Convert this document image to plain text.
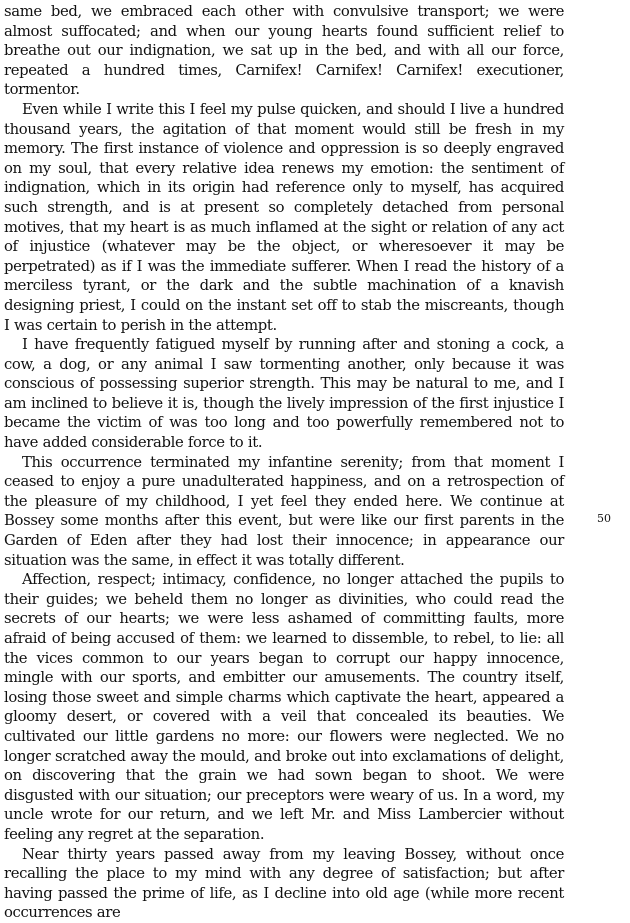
same bed, we embraced each other with convulsive transport; we were almost suffocated; and when our young hearts found sufficient relief to breathe out our indignation, we sat up in the bed, and with all our force, repeated a hundred times, Carnifex! Carnifex! Carnifex! executioner, tormentor.

Even while I write this I feel my pulse quicken, and should I live a hundred thousand years, the agitation of that moment would still be fresh in my memory. The first instance of violence and oppression is so deeply engraved on my soul, that every relative idea renews my emotion: the sentiment of indignation, which in its origin had reference only to myself, has acquired such strength, and is at present so completely detached from personal motives, that my heart is as much inflamed at the sight or relation of any act of injustice (whatever may be the object, or wheresoever it may be perpetrated) as if I was the immediate sufferer. When I read the history of a merciless tyrant, or the dark and the subtle machination of a knavish designing priest, I could on the instant set off to stab the miscreants, though I was certain to perish in the attempt.

I have frequently fatigued myself by running after and stoning a cock, a cow, a dog, or any animal I saw tormenting another, only because it was conscious of possessing superior strength. This may be natural to me, and I am inclined to believe it is, though the lively impression of the first injustice I became the victim of was too long and too powerfully remembered not to have added considerable force to it.

This occurrence terminated my infantine serenity; from that moment I ceased to enjoy a pure unadulterated happiness, and on a retrospection of the pleasure of my childhood, I yet feel they ended here. We continue at Bossey some months after this event, but were like our first parents in the Garden of Eden after they had lost their innocence; in appearance our situation was the same, in effect it was totally different.

Affection, respect; intimacy, confidence, no longer attached the pupils to their guides; we beheld them no longer as divinities, who could read the secrets of our hearts; we were less ashamed of committing faults, more afraid of being accused of them: we learned to dissemble, to rebel, to lie: all the vices common to our years began to corrupt our happy innocence, mingle with our sports, and embitter our amusements. The country itself, losing those sweet and simple charms which captivate the heart, appeared a gloomy desert, or covered with a veil that concealed its beauties. We cultivated our little gardens no more: our flowers were neglected. We no longer scratched away the mould, and broke out into exclamations of delight, on discovering that the grain we had sown began to shoot. We were disgusted with our situation; our preceptors were weary of us. In a word, my uncle wrote for our return, and we left Mr. and Miss Lambercier without feeling any regret at the separation.

Near thirty years passed away from my leaving Bossey, without once recalling the place to my mind with any degree of satisfaction; but after having passed the prime of life, as I decline into old age (while more recent occurrences are

50
